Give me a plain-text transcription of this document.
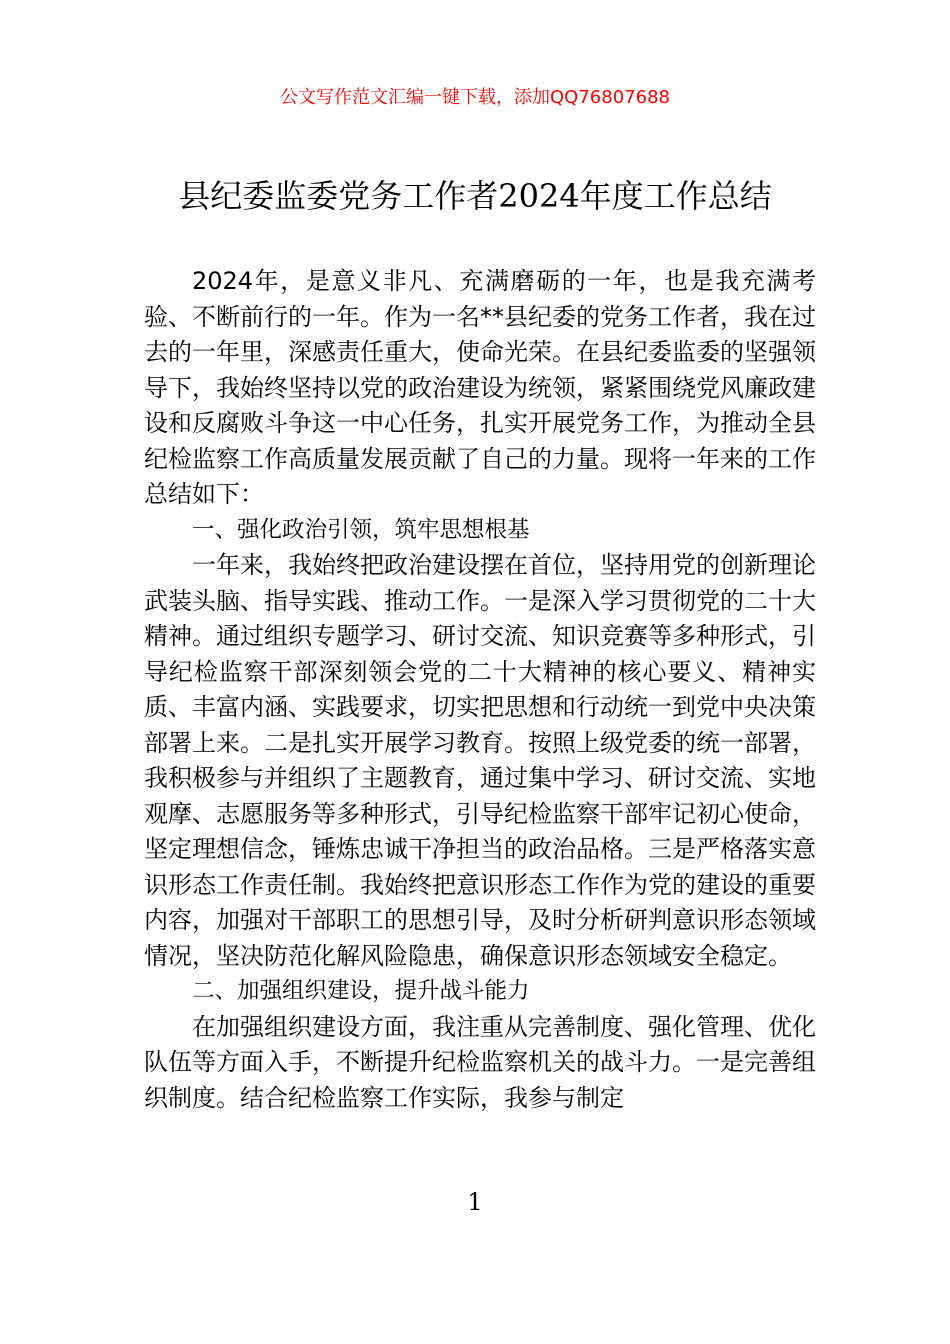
公文写作范文汇编一键下载，添加QQ76807688

县纪委监委党务工作者2024年度工作总结

2024年，是意义非凡、充满磨砺的一年，也是我充满考验、不断前行的一年。作为一名**县纪委的党务工作者，我在过去的一年里，深感责任重大，使命光荣。在县纪委监委的坚强领导下，我始终坚持以党的政治建设为统领，紧紧围绕党风廉政建设和反腐败斗争这一中心任务，扎实开展党务工作，为推动全县纪检监察工作高质量发展贡献了自己的力量。现将一年来的工作总结如下：

一、强化政治引领，筑牢思想根基

一年来，我始终把政治建设摆在首位，坚持用党的创新理论武装头脑、指导实践、推动工作。一是深入学习贯彻党的二十大精神。通过组织专题学习、研讨交流、知识竞赛等多种形式，引导纪检监察干部深刻领会党的二十大精神的核心要义、精神实质、丰富内涵、实践要求，切实把思想和行动统一到党中央决策部署上来。二是扎实开展学习教育。按照上级党委的统一部署，我积极参与并组织了主题教育，通过集中学习、研讨交流、实地观摩、志愿服务等多种形式，引导纪检监察干部牢记初心使命，坚定理想信念，锤炼忠诚干净担当的政治品格。三是严格落实意识形态工作责任制。我始终把意识形态工作作为党的建设的重要内容，加强对干部职工的思想引导，及时分析研判意识形态领域情况，坚决防范化解风险隐患，确保意识形态领域安全稳定。

二、加强组织建设，提升战斗能力

在加强组织建设方面，我注重从完善制度、强化管理、优化队伍等方面入手，不断提升纪检监察机关的战斗力。一是完善组织制度。结合纪检监察工作实际，我参与制定

1
